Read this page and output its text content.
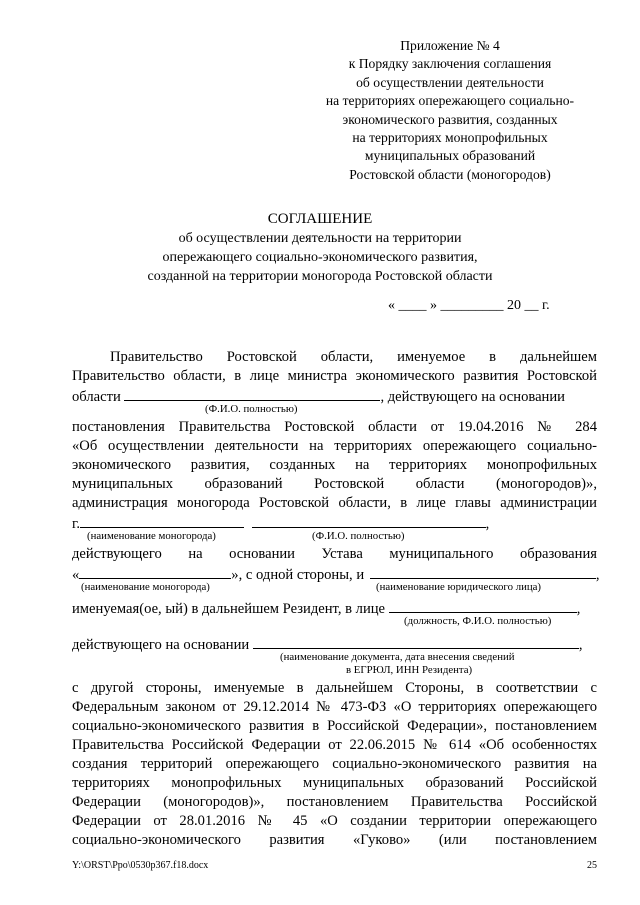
Приложение № 4
к Порядку заключения соглашения
об осуществлении деятельности
на территориях опережающего социально-
экономического развития, созданных
на территориях монопрофильных
муниципальных образований
Ростовской области (моногородов)
СОГЛАШЕНИЕ
об осуществлении деятельности на территории
опережающего социально-экономического развития,
созданной на территории моногорода Ростовской области
« ____ » _________ 20 __ г.
Правительство Ростовской области, именуемое в дальнейшем
Правительство области, в лице министра экономического развития Ростовской
области	, действующего на основании
(Ф.И.О. полностью)
постановления Правительства Ростовской области от 19.04.2016 № 284
«Об осуществлении деятельности на территориях опережающего социально-
экономического развития, созданных на территориях монопрофильных
муниципальных образований Ростовской области (моногородов)»,
администрация моногорода Ростовской области, в лице главы администрации
г.	,
(наименование моногорода)	(Ф.И.О. полностью)
действующего на основании Устава муниципального образования
«	», с одной стороны, и	,
(наименование моногорода)	(наименование юридического лица)
именуемая(ое, ый) в дальнейшем Резидент, в лице	,
(должность, Ф.И.О. полностью)
действующего на основании	,
(наименование документа, дата внесения сведений
в ЕГРЮЛ, ИНН Резидента)
с другой стороны, именуемые в дальнейшем Стороны, в соответствии с
Федеральным законом от 29.12.2014 № 473-ФЗ «О территориях опережающего
социально-экономического развития в Российской Федерации», постановлением
Правительства Российской Федерации от 22.06.2015 № 614 «Об особенностях
создания территорий опережающего социально-экономического развития на
территориях монопрофильных муниципальных образований Российской
Федерации (моногородов)», постановлением Правительства Российской
Федерации от 28.01.2016 № 45 «О создании территории опережающего
социально-экономического развития «Гуково» (или постановлением
Y:\ORST\Ppo\0530p367.f18.docx	25
